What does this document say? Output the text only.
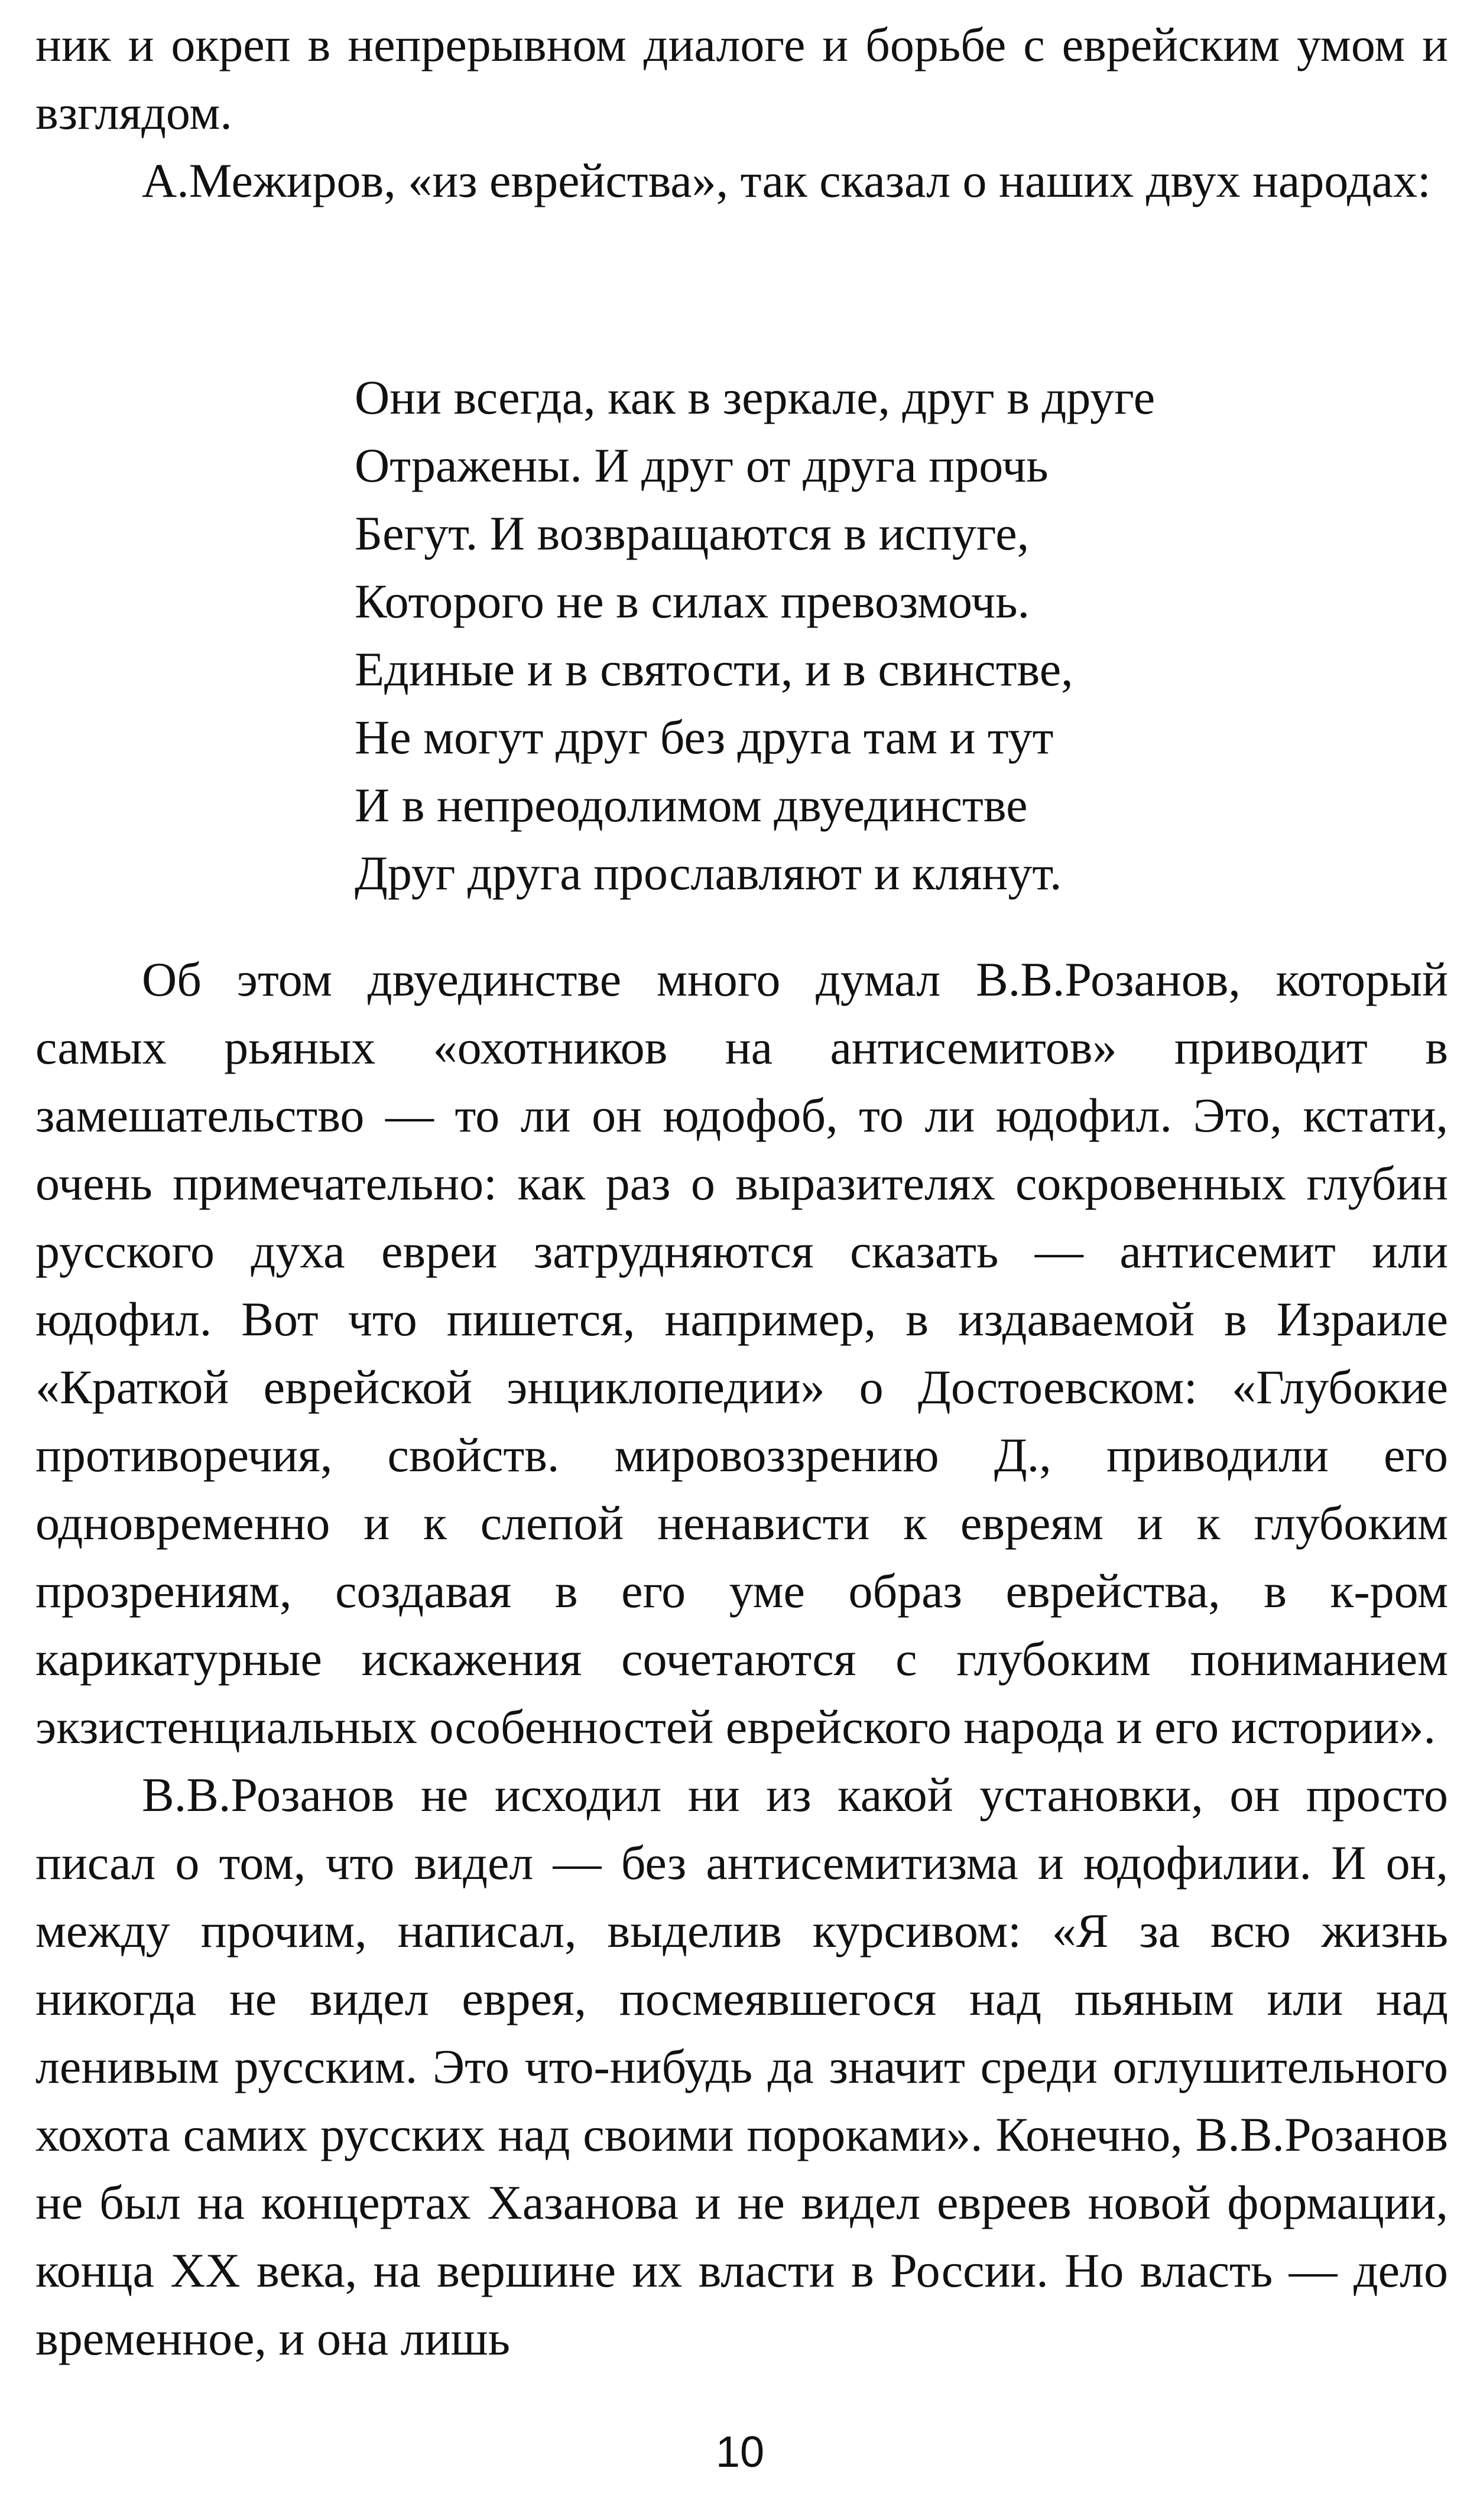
ник и окреп в непрерывном диалоге и борьбе с еврейским умом и взглядом.

А.Межиров, «из еврейства», так сказал о наших двух народах:

Они всегда, как в зеркале, друг в друге
Отражены. И друг от друга прочь
Бегут. И возвращаются в испуге,
Которого не в силах превозмочь.
Единые и в святости, и в свинстве,
Не могут друг без друга там и тут
И в непреодолимом двуединстве
Друг друга прославляют и клянут.

Об этом двуединстве много думал В.В.Розанов, который самых рьяных «охотников на антисемитов» приводит в замешательство — то ли он юдофоб, то ли юдофил. Это, кстати, очень примечательно: как раз о выразителях сокровенных глубин русского духа евреи затрудняются сказать — антисемит или юдофил. Вот что пишется, например, в издаваемой в Израиле «Краткой еврейской энциклопедии» о Достоевском: «Глубокие противоречия, свойств. мировоззрению Д., приводили его одновременно и к слепой ненависти к евреям и к глубоким прозрениям, создавая в его уме образ еврейства, в к-ром карикатурные искажения сочетаются с глубоким пониманием экзистенциальных особенностей еврейского народа и его истории».

В.В.Розанов не исходил ни из какой установки, он просто писал о том, что видел — без антисемитизма и юдофилии. И он, между прочим, написал, выделив курсивом: «Я за всю жизнь никогда не видел еврея, посмеявшегося над пьяным или над ленивым русским. Это что-нибудь да значит среди оглушительного хохота самих русских над своими пороками». Конечно, В.В.Розанов не был на концертах Хазанова и не видел евреев новой формации, конца XX века, на вершине их власти в России. Но власть — дело временное, и она лишь

10
